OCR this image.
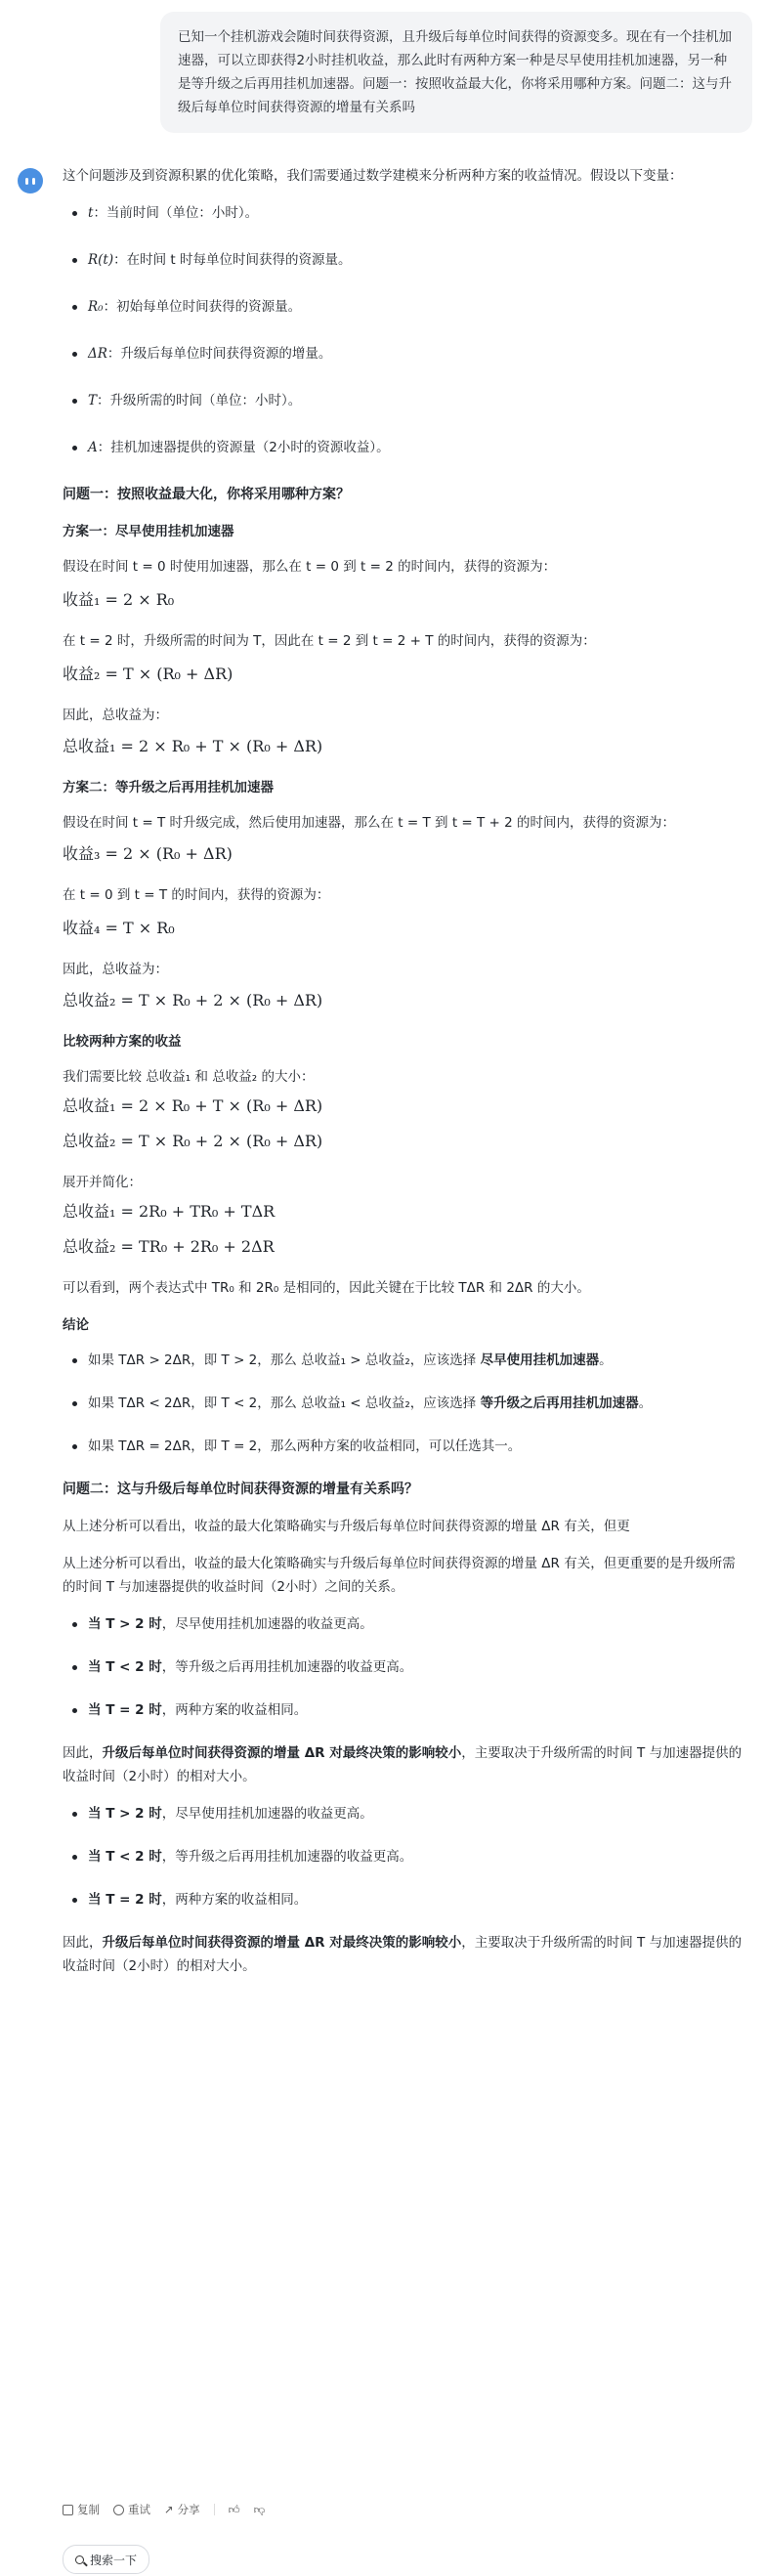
已知一个挂机游戏会随时间获得资源，且升级后每单位时间获得的资源变多。现在有一个挂机加速器，可以立即获得2小时挂机收益，那么此时有两种方案一种是尽早使用挂机加速器，另一种是等升级之后再用挂机加速器。问题一：按照收益最大化，你将采用哪种方案。问题二：这与升级后每单位时间获得资源的增量有关系吗

这个问题涉及到资源积累的优化策略，我们需要通过数学建模来分析两种方案的收益情况。假设以下变量：

t：当前时间（单位：小时）。
R(t)：在时间 t 时每单位时间获得的资源量。
R₀：初始每单位时间获得的资源量。
ΔR：升级后每单位时间获得资源的增量。
T：升级所需的时间（单位：小时）。
A：挂机加速器提供的资源量（2小时的资源收益）。
问题一：按照收益最大化，你将采用哪种方案？
方案一：尽早使用挂机加速器

假设在时间 t = 0 时使用加速器，那么在 t = 0 到 t = 2 的时间内，获得的资源为：

收益₁ = 2 × R₀

在 t = 2 时，升级所需的时间为 T，因此在 t = 2 到 t = 2 + T 的时间内，获得的资源为：

收益₂ = T × (R₀ + ΔR)

因此，总收益为：

总收益₁ = 2 × R₀ + T × (R₀ + ΔR)
方案二：等升级之后再用挂机加速器

假设在时间 t = T 时升级完成，然后使用加速器，那么在 t = T 到 t = T + 2 的时间内，获得的资源为：

收益₃ = 2 × (R₀ + ΔR)

在 t = 0 到 t = T 的时间内，获得的资源为：

收益₄ = T × R₀

因此，总收益为：

总收益₂ = T × R₀ + 2 × (R₀ + ΔR)
比较两种方案的收益

我们需要比较 总收益₁ 和 总收益₂ 的大小：

总收益₁ = 2 × R₀ + T × (R₀ + ΔR)
总收益₂ = T × R₀ + 2 × (R₀ + ΔR)

展开并简化：

总收益₁ = 2R₀ + TR₀ + TΔR
总收益₂ = TR₀ + 2R₀ + 2ΔR

可以看到，两个表达式中 TR₀ 和 2R₀ 是相同的，因此关键在于比较 TΔR 和 2ΔR 的大小。

结论
如果 TΔR > 2ΔR，即 T > 2，那么 总收益₁ > 总收益₂，应该选择 尽早使用挂机加速器。
如果 TΔR < 2ΔR，即 T < 2，那么 总收益₁ < 总收益₂，应该选择 等升级之后再用挂机加速器。
如果 TΔR = 2ΔR，即 T = 2，那么两种方案的收益相同，可以任选其一。
问题二：这与升级后每单位时间获得资源的增量有关系吗？

从上述分析可以看出，收益的最大化策略确实与升级后每单位时间获得资源的增量 ΔR 有关，但更

从上述分析可以看出，收益的最大化策略确实与升级后每单位时间获得资源的增量 ΔR 有关，但更重要的是升级所需的时间 T 与加速器提供的收益时间（2小时）之间的关系。

当 T > 2 时，尽早使用挂机加速器的收益更高。
当 T < 2 时，等升级之后再用挂机加速器的收益更高。
当 T = 2 时，两种方案的收益相同。

因此，升级后每单位时间获得资源的增量 ΔR 对最终决策的影响较小，主要取决于升级所需的时间 T 与加速器提供的收益时间（2小时）的相对大小。

当 T > 2 时，尽早使用挂机加速器的收益更高。
当 T < 2 时，等升级之后再用挂机加速器的收益更高。
当 T = 2 时，两种方案的收益相同。

因此，升级后每单位时间获得资源的增量 ΔR 对最终决策的影响较小，主要取决于升级所需的时间 T 与加速器提供的收益时间（2小时）的相对大小。

复制	重试 ↗ 分享	👍︎ 👎︎
搜索一下
